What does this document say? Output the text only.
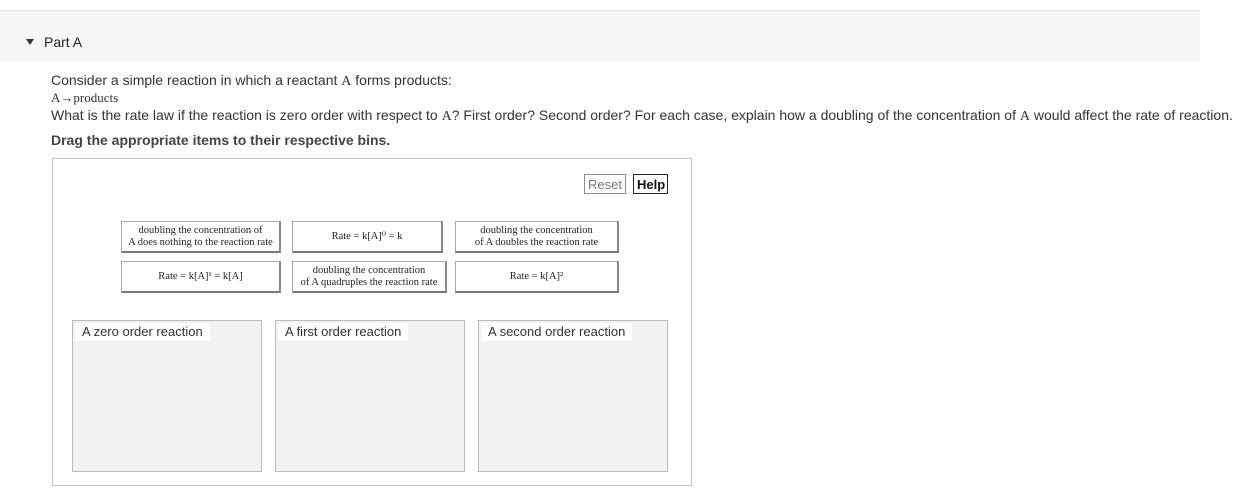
Part A
Consider a simple reaction in which a reactant A forms products:
A→products
What is the rate law if the reaction is zero order with respect to A? First order? Second order? For each case, explain how a doubling of the concentration of A would affect the rate of reaction.
Drag the appropriate items to their respective bins.
Reset	Help
doubling the concentration of
A does nothing to the reaction rate
Rate = k[A]⁰ = k
doubling the concentration
of A doubles the reaction rate
Rate = k[A]¹ = k[A]
doubling the concentration
of A quadruples the reaction rate
Rate = k[A]²
A zero order reaction	A first order reaction	A second order reaction
